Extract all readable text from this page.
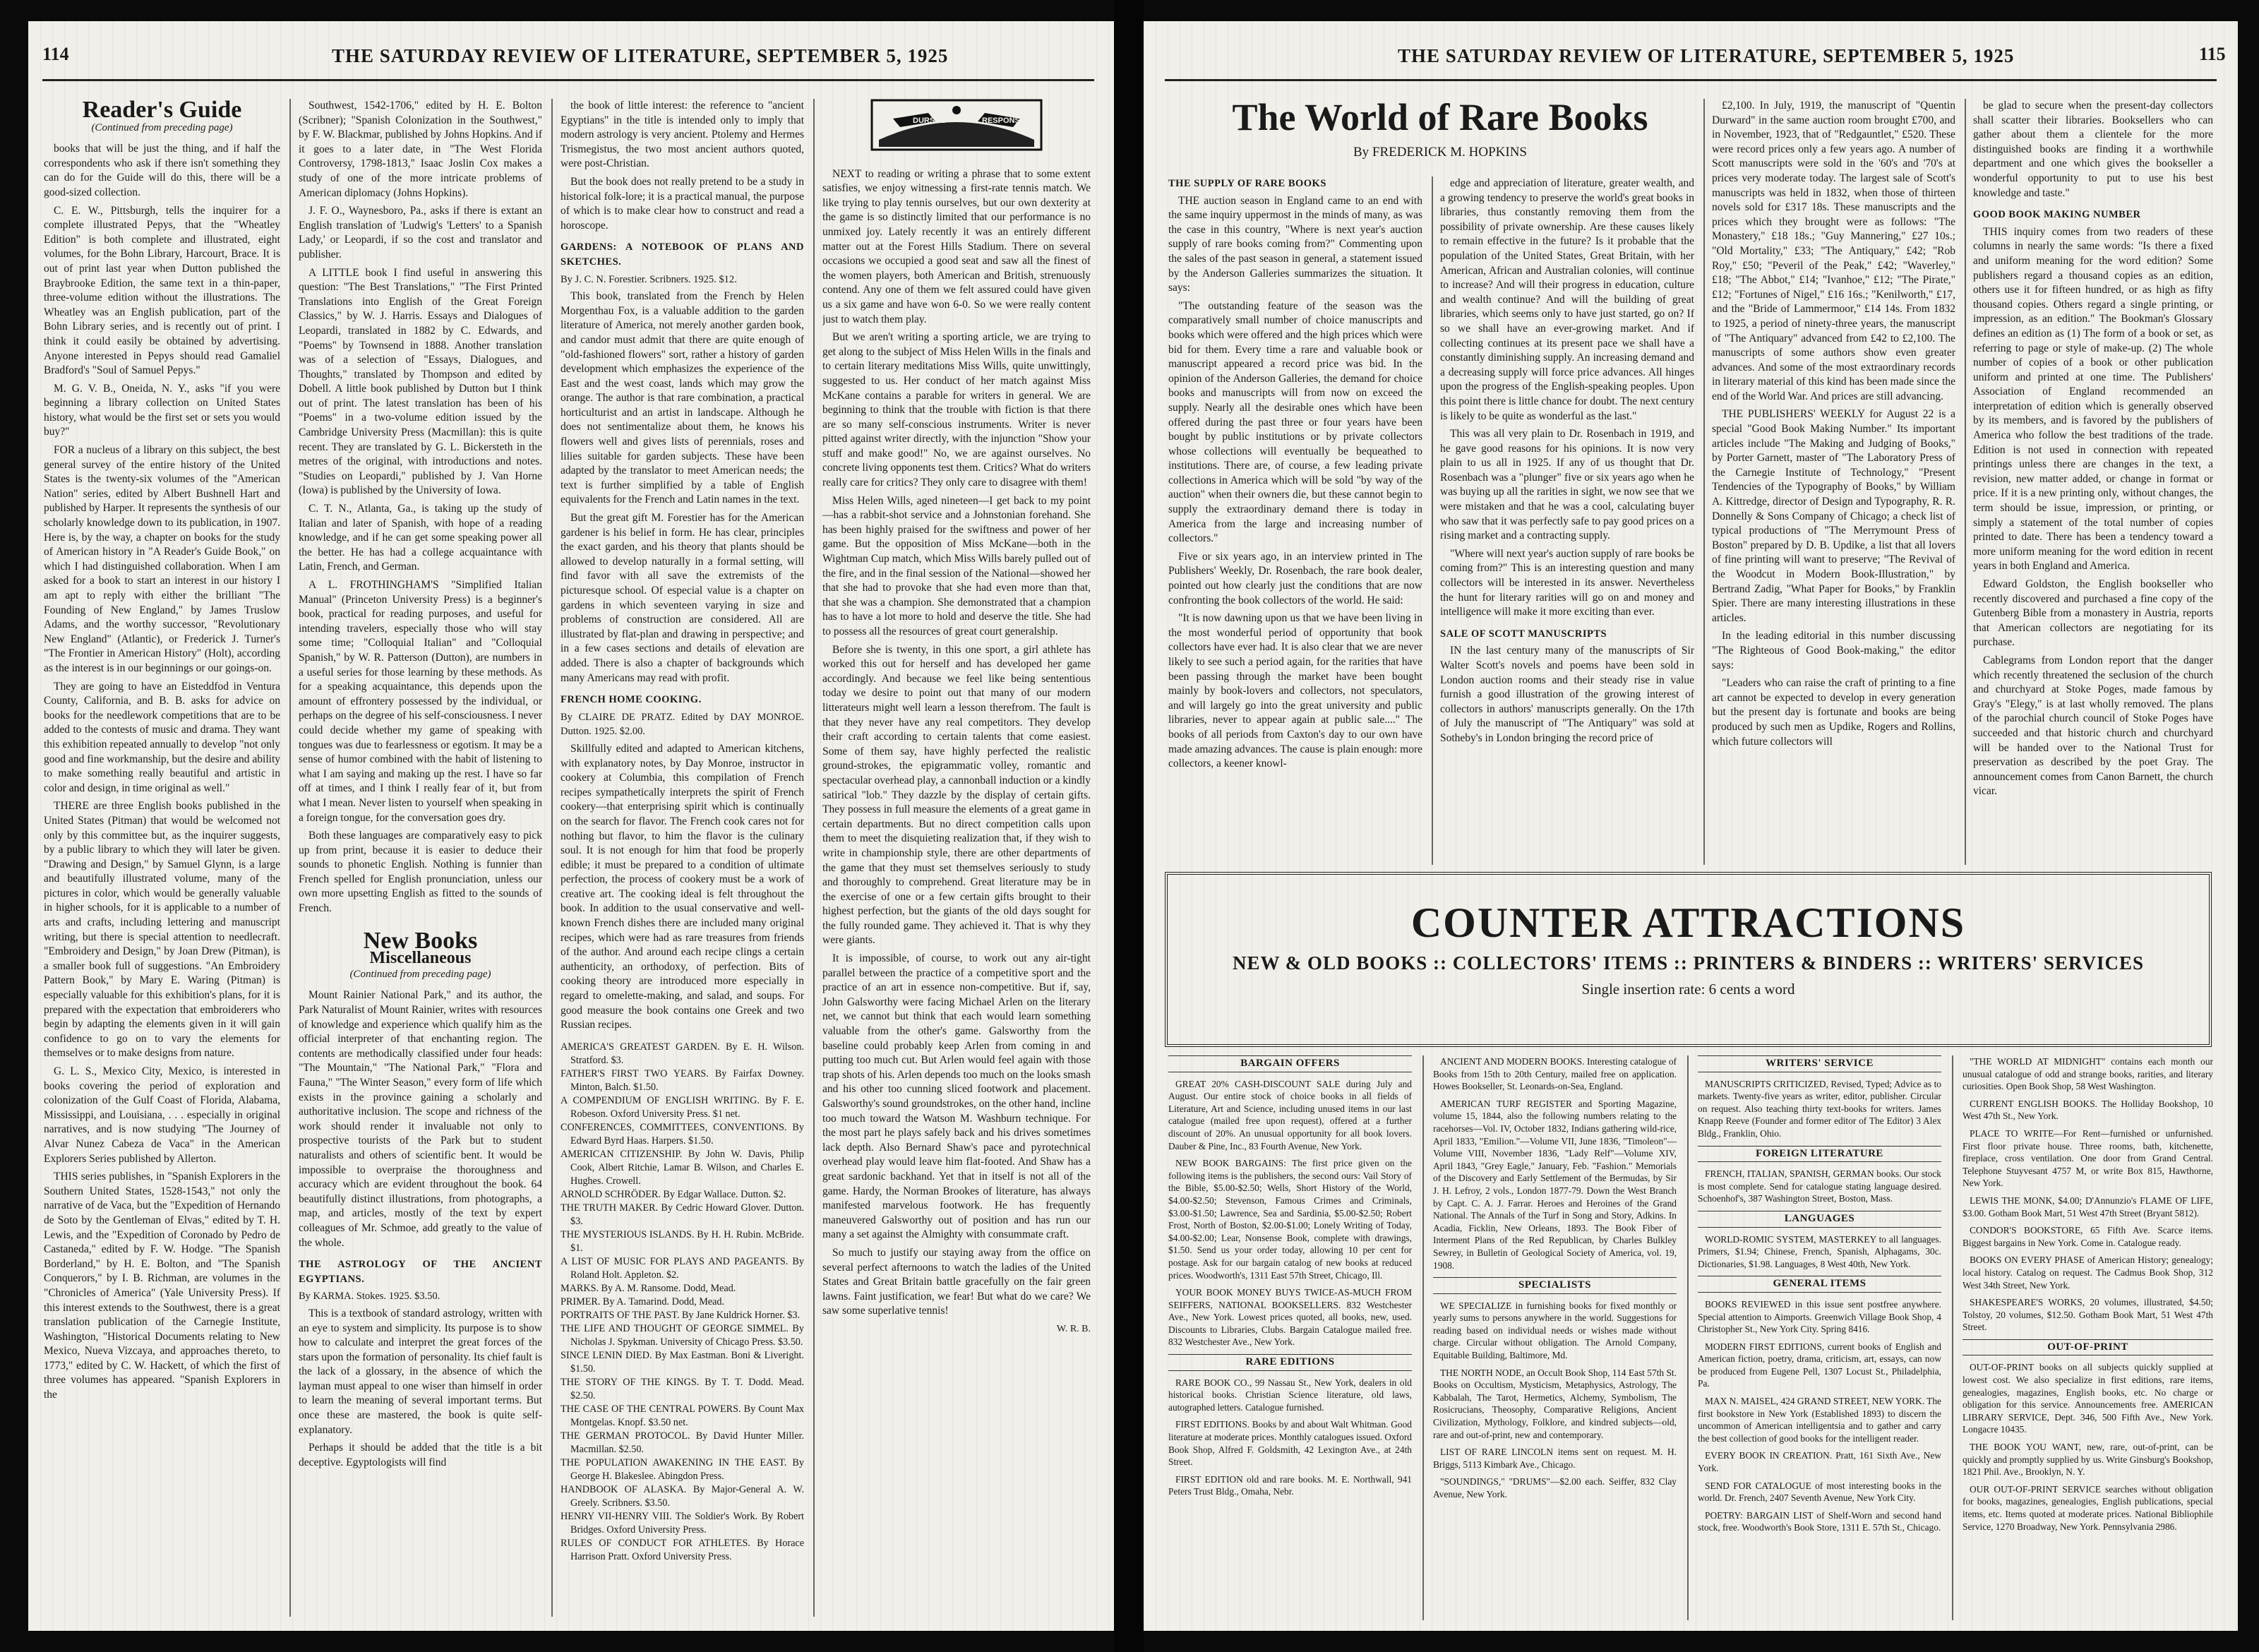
114	THE SATURDAY REVIEW OF LITERATURE, SEPTEMBER 5, 1925
Reader's Guide
(Continued from preceding page)

books that will be just the thing, and if half the correspondents who ask if there isn't something they can do for the Guide will do this, there will be a good-sized collection.

C. E. W., Pittsburgh, tells the inquirer for a complete illustrated Pepys, that the "Wheatley Edition" is both complete and illustrated, eight volumes, for the Bohn Library, Harcourt, Brace. It is out of print last year when Dutton published the Braybrooke Edition, the same text in a thin-paper, three-volume edition without the illustrations. The Wheatley was an English publication, part of the Bohn Library series, and is recently out of print. I think it could easily be obtained by advertising. Anyone interested in Pepys should read Gamaliel Bradford's "Soul of Samuel Pepys."

M. G. V. B., Oneida, N. Y., asks "if you were beginning a library collection on United States history, what would be the first set or sets you would buy?"

FOR a nucleus of a library on this subject, the best general survey of the entire history of the United States is the twenty-six volumes of the "American Nation" series, edited by Albert Bushnell Hart and published by Harper. It represents the synthesis of our scholarly knowledge down to its publication, in 1907. Here is, by the way, a chapter on books for the study of American history in "A Reader's Guide Book," on which I had distinguished collaboration. When I am asked for a book to start an interest in our history I am apt to reply with either the brilliant "The Founding of New England," by James Truslow Adams, and the worthy successor, "Revolutionary New England" (Atlantic), or Frederick J. Turner's "The Frontier in American History" (Holt), according as the interest is in our beginnings or our goings-on.

They are going to have an Eisteddfod in Ventura County, California, and B. B. asks for advice on books for the needlework competitions that are to be added to the contests of music and drama. They want this exhibition repeated annually to develop "not only good and fine workmanship, but the desire and ability to make something really beautiful and artistic in color and design, in time original as well."

THERE are three English books published in the United States (Pitman) that would be welcomed not only by this committee but, as the inquirer suggests, by a public library to which they will later be given. "Drawing and Design," by Samuel Glynn, is a large and beautifully illustrated volume, many of the pictures in color, which would be generally valuable in higher schools, for it is applicable to a number of arts and crafts, including lettering and manuscript writing, but there is special attention to needlecraft. "Embroidery and Design," by Joan Drew (Pitman), is a smaller book full of suggestions. "An Embroidery Pattern Book," by Mary E. Waring (Pitman) is especially valuable for this exhibition's plans, for it is prepared with the expectation that embroiderers who begin by adapting the elements given in it will gain confidence to go on to vary the elements for themselves or to make designs from nature.

G. L. S., Mexico City, Mexico, is interested in books covering the period of exploration and colonization of the Gulf Coast of Florida, Alabama, Mississippi, and Louisiana, . . . especially in original narratives, and is now studying "The Journey of Alvar Nunez Cabeza de Vaca" in the American Explorers Series published by Allerton.

THIS series publishes, in "Spanish Explorers in the Southern United States, 1528-1543," not only the narrative of de Vaca, but the "Expedition of Hernando de Soto by the Gentleman of Elvas," edited by T. H. Lewis, and the "Expedition of Coronado by Pedro de Castaneda," edited by F. W. Hodge. "The Spanish Borderland," by H. E. Bolton, and "The Spanish Conquerors," by I. B. Richman, are volumes in the "Chronicles of America" (Yale University Press). If this interest extends to the Southwest, there is a great translation publication of the Carnegie Institute, Washington, "Historical Documents relating to New Mexico, Nueva Vizcaya, and approaches thereto, to 1773," edited by C. W. Hackett, of which the first of three volumes has appeared. "Spanish Explorers in the

Southwest, 1542-1706," edited by H. E. Bolton (Scribner); "Spanish Colonization in the Southwest," by F. W. Blackmar, published by Johns Hopkins. And if it goes to a later date, in "The West Florida Controversy, 1798-1813," Isaac Joslin Cox makes a study of one of the more intricate problems of American diplomacy (Johns Hopkins).

J. F. O., Waynesboro, Pa., asks if there is extant an English translation of 'Ludwig's 'Letters' to a Spanish Lady,' or Leopardi, if so the cost and translator and publisher.

A LITTLE book I find useful in answering this question: "The Best Translations," "The First Printed Translations into English of the Great Foreign Classics," by W. J. Harris. Essays and Dialogues of Leopardi, translated in 1882 by C. Edwards, and "Poems" by Townsend in 1888. Another translation was of a selection of "Essays, Dialogues, and Thoughts," translated by Thompson and edited by Dobell. A little book published by Dutton but I think out of print. The latest translation has been of his "Poems" in a two-volume edition issued by the Cambridge University Press (Macmillan): this is quite recent. They are translated by G. L. Bickersteth in the metres of the original, with introductions and notes. "Studies on Leopardi," published by J. Van Horne (Iowa) is published by the University of Iowa.

C. T. N., Atlanta, Ga., is taking up the study of Italian and later of Spanish, with hope of a reading knowledge, and if he can get some speaking power all the better. He has had a college acquaintance with Latin, French, and German.

A L. FROTHINGHAM'S "Simplified Italian Manual" (Princeton University Press) is a beginner's book, practical for reading purposes, and useful for intending travelers, especially those who will stay some time; "Colloquial Italian" and "Colloquial Spanish," by W. R. Patterson (Dutton), are numbers in a useful series for those learning by these methods. As for a speaking acquaintance, this depends upon the amount of effrontery possessed by the individual, or perhaps on the degree of his self-consciousness. I never could decide whether my game of speaking with tongues was due to fearlessness or egotism. It may be a sense of humor combined with the habit of listening to what I am saying and making up the rest. I have so far off at times, and I think I really fear of it, but from what I mean. Never listen to yourself when speaking in a foreign tongue, for the conversation goes dry.

Both these languages are comparatively easy to pick up from print, because it is easier to deduce their sounds to phonetic English. Nothing is funnier than French spelled for English pronunciation, unless our own more upsetting English as fitted to the sounds of French.

New Books
Miscellaneous
(Continued from preceding page)

Mount Rainier National Park," and its author, the Park Naturalist of Mount Rainier, writes with resources of knowledge and experience which qualify him as the official interpreter of that enchanting region. The contents are methodically classified under four heads: "The Mountain," "The National Park," "Flora and Fauna," "The Winter Season," every form of life which exists in the province gaining a scholarly and authoritative inclusion. The scope and richness of the work should render it invaluable not only to prospective tourists of the Park but to student naturalists and others of scientific bent. It would be impossible to overpraise the thoroughness and accuracy which are evident throughout the book. 64 beautifully distinct illustrations, from photographs, a map, and articles, mostly of the text by expert colleagues of Mr. Schmoe, add greatly to the value of the whole.

THE ASTROLOGY OF THE ANCIENT EGYPTIANS.
By KARMA. Stokes. 1925. $3.50.

This is a textbook of standard astrology, written with an eye to system and simplicity. Its purpose is to show how to calculate and interpret the great forces of the stars upon the formation of personality. Its chief fault is the lack of a glossary, in the absence of which the layman must appeal to one wiser than himself in order to learn the meaning of several important terms. But once these are mastered, the book is quite self-explanatory.

Perhaps it should be added that the title is a bit deceptive. Egyptologists will find

the book of little interest: the reference to "ancient Egyptians" in the title is intended only to imply that modern astrology is very ancient. Ptolemy and Hermes Trismegistus, the two most ancient authors quoted, were post-Christian.

But the book does not really pretend to be a study in historical folk-lore; it is a practical manual, the purpose of which is to make clear how to construct and read a horoscope.

GARDENS: A NOTEBOOK OF PLANS AND SKETCHES.
By J. C. N. Forestier. Scribners. 1925. $12.

This book, translated from the French by Helen Morgenthau Fox, is a valuable addition to the garden literature of America, not merely another garden book, and candor must admit that there are quite enough of "old-fashioned flowers" sort, rather a history of garden development which emphasizes the experience of the East and the west coast, lands which may grow the orange. The author is that rare combination, a practical horticulturist and an artist in landscape. Although he does not sentimentalize about them, he knows his flowers well and gives lists of perennials, roses and lilies suitable for garden subjects. These have been adapted by the translator to meet American needs; the text is further simplified by a table of English equivalents for the French and Latin names in the text.

But the great gift M. Forestier has for the American gardener is his belief in form. He has clear, principles the exact garden, and his theory that plants should be allowed to develop naturally in a formal setting, will find favor with all save the extremists of the picturesque school. Of especial value is a chapter on gardens in which seventeen varying in size and problems of construction are considered. All are illustrated by flat-plan and drawing in perspective; and in a few cases sections and details of elevation are added. There is also a chapter of backgrounds which many Americans may read with profit.

FRENCH HOME COOKING.
By CLAIRE DE PRATZ. Edited by DAY MONROE. Dutton. 1925. $2.00.

Skillfully edited and adapted to American kitchens, with explanatory notes, by Day Monroe, instructor in cookery at Columbia, this compilation of French recipes sympathetically interprets the spirit of French cookery—that enterprising spirit which is continually on the search for flavor. The French cook cares not for nothing but flavor, to him the flavor is the culinary soul. It is not enough for him that food be properly edible; it must be prepared to a condition of ultimate perfection, the process of cookery must be a work of creative art. The cooking ideal is felt throughout the book. In addition to the usual conservative and well-known French dishes there are included many original recipes, which were had as rare treasures from friends of the author. And around each recipe clings a certain authenticity, an orthodoxy, of perfection. Bits of cooking theory are introduced more especially in regard to omelette-making, and salad, and soups. For good measure the book contains one Greek and two Russian recipes.

AMERICA'S GREATEST GARDEN. By E. H. Wilson. Stratford. $3.

FATHER'S FIRST TWO YEARS. By Fairfax Downey. Minton, Balch. $1.50.

A COMPENDIUM OF ENGLISH WRITING. By F. E. Robeson. Oxford University Press. $1 net.

CONFERENCES, COMMITTEES, CONVENTIONS. By Edward Byrd Haas. Harpers. $1.50.

AMERICAN CITIZENSHIP. By John W. Davis, Philip Cook, Albert Ritchie, Lamar B. Wilson, and Charles E. Hughes. Crowell.

ARNOLD SCHRÖDER. By Edgar Wallace. Dutton. $2.

THE TRUTH MAKER. By Cedric Howard Glover. Dutton. $3.

THE MYSTERIOUS ISLANDS. By H. H. Rubin. McBride. $1.

A LIST OF MUSIC FOR PLAYS AND PAGEANTS. By Roland Holt. Appleton. $2.

MARKS. By A. M. Ransome. Dodd, Mead.

PRIMER. By A. Tamarind. Dodd, Mead.

PORTRAITS OF THE PAST. By Jane Kuldrick Horner. $3.

THE LIFE AND THOUGHT OF GEORGE SIMMEL. By Nicholas J. Spykman. University of Chicago Press. $3.50.

SINCE LENIN DIED. By Max Eastman. Boni & Liveright. $1.50.

THE STORY OF THE KINGS. By T. T. Dodd. Mead. $2.50.

THE CASE OF THE CENTRAL POWERS. By Count Max Montgelas. Knopf. $3.50 net.

THE GERMAN PROTOCOL. By David Hunter Miller. Macmillan. $2.50.

THE POPULATION AWAKENING IN THE EAST. By George H. Blakeslee. Abingdon Press.

HANDBOOK OF ALASKA. By Major-General A. W. Greely. Scribners. $3.50.

HENRY VII-HENRY VIII. The Soldier's Work. By Robert Bridges. Oxford University Press.

RULES OF CONDUCT FOR ATHLETES. By Horace Harrison Pratt. Oxford University Press.

DURSYE	RESPONSE

NEXT to reading or writing a phrase that to some extent satisfies, we enjoy witnessing a first-rate tennis match. We like trying to play tennis ourselves, but our own dexterity at the game is so distinctly limited that our performance is no unmixed joy. Lately recently it was an entirely different matter out at the Forest Hills Stadium. There on several occasions we occupied a good seat and saw all the finest of the women players, both American and British, strenuously contend. Any one of them we felt assured could have given us a six game and have won 6-0. So we were really content just to watch them play.

But we aren't writing a sporting article, we are trying to get along to the subject of Miss Helen Wills in the finals and to certain literary meditations Miss Wills, quite unwittingly, suggested to us. Her conduct of her match against Miss McKane contains a parable for writers in general. We are beginning to think that the trouble with fiction is that there are so many self-conscious instruments. Writer is never pitted against writer directly, with the injunction "Show your stuff and make good!" No, we are against ourselves. No concrete living opponents test them. Critics? What do writers really care for critics? They only care to disagree with them!

Miss Helen Wills, aged nineteen—I get back to my point—has a rabbit-shot service and a Johnstonian forehand. She has been highly praised for the swiftness and power of her game. But the opposition of Miss McKane—both in the Wightman Cup match, which Miss Wills barely pulled out of the fire, and in the final session of the National—showed her that she had to provoke that she had even more than that, that she was a champion. She demonstrated that a champion has to have a lot more to hold and deserve the title. She had to possess all the resources of great court generalship.

Before she is twenty, in this one sport, a girl athlete has worked this out for herself and has developed her game accordingly. And because we feel like being sententious today we desire to point out that many of our modern litterateurs might well learn a lesson therefrom. The fault is that they never have any real competitors. They develop their craft according to certain talents that come easiest. Some of them say, have highly perfected the realistic ground-strokes, the epigrammatic volley, romantic and spectacular overhead play, a cannonball induction or a kindly satirical "lob." They dazzle by the display of certain gifts. They possess in full measure the elements of a great game in certain departments. But no direct competition calls upon them to meet the disquieting realization that, if they wish to write in championship style, there are other departments of the game that they must set themselves seriously to study and thoroughly to comprehend. Great literature may be in the exercise of one or a few certain gifts brought to their highest perfection, but the giants of the old days sought for the fully rounded game. They achieved it. That is why they were giants.

It is impossible, of course, to work out any air-tight parallel between the practice of a competitive sport and the practice of an art in essence non-competitive. But if, say, John Galsworthy were facing Michael Arlen on the literary net, we cannot but think that each would learn something valuable from the other's game. Galsworthy from the baseline could probably keep Arlen from coming in and putting too much cut. But Arlen would feel again with those trap shots of his. Arlen depends too much on the looks smash and his other too cunning sliced footwork and placement. Galsworthy's sound groundstrokes, on the other hand, incline too much toward the Watson M. Washburn technique. For the most part he plays safely back and his drives sometimes lack depth. Also Bernard Shaw's pace and pyrotechnical overhead play would leave him flat-footed. And Shaw has a great sardonic backhand. Yet that in itself is not all of the game. Hardy, the Norman Brookes of literature, has always manifested marvelous footwork. He has frequently maneuvered Galsworthy out of position and has run our many a set against the Almighty with consummate craft.

So much to justify our staying away from the office on several perfect afternoons to watch the ladies of the United States and Great Britain battle gracefully on the fair green lawns. Faint justification, we fear! But what do we care? We saw some superlative tennis!

W. R. B.
THE SATURDAY REVIEW OF LITERATURE, SEPTEMBER 5, 1925	115
The World of Rare Books
By FREDERICK M. HOPKINS
THE SUPPLY OF RARE BOOKS

THE auction season in England came to an end with the same inquiry uppermost in the minds of many, as was the case in this country, "Where is next year's auction supply of rare books coming from?" Commenting upon the sales of the past season in general, a statement issued by the Anderson Galleries summarizes the situation. It says:

"The outstanding feature of the season was the comparatively small number of choice manuscripts and books which were offered and the high prices which were bid for them. Every time a rare and valuable book or manuscript appeared a record price was bid. In the opinion of the Anderson Galleries, the demand for choice books and manuscripts will from now on exceed the supply. Nearly all the desirable ones which have been offered during the past three or four years have been bought by public institutions or by private collectors whose collections will eventually be bequeathed to institutions. There are, of course, a few leading private collections in America which will be sold "by way of the auction" when their owners die, but these cannot begin to supply the extraordinary demand there is today in America from the large and increasing number of collectors."

Five or six years ago, in an interview printed in The Publishers' Weekly, Dr. Rosenbach, the rare book dealer, pointed out how clearly just the conditions that are now confronting the book collectors of the world. He said:

"It is now dawning upon us that we have been living in the most wonderful period of opportunity that book collectors have ever had. It is also clear that we are never likely to see such a period again, for the rarities that have been passing through the market have been bought mainly by book-lovers and collectors, not speculators, and will largely go into the great university and public libraries, never to appear again at public sale...." The books of all periods from Caxton's day to our own have made amazing advances. The cause is plain enough: more collectors, a keener knowl-

edge and appreciation of literature, greater wealth, and a growing tendency to preserve the world's great books in libraries, thus constantly removing them from the possibility of private ownership. Are these causes likely to remain effective in the future? Is it probable that the population of the United States, Great Britain, with her American, African and Australian colonies, will continue to increase? And will their progress in education, culture and wealth continue? And will the building of great libraries, which seems only to have just started, go on? If so we shall have an ever-growing market. And if collecting continues at its present pace we shall have a constantly diminishing supply. An increasing demand and a decreasing supply will force price advances. All hinges upon the progress of the English-speaking peoples. Upon this point there is little chance for doubt. The next century is likely to be quite as wonderful as the last."

This was all very plain to Dr. Rosenbach in 1919, and he gave good reasons for his opinions. It is now very plain to us all in 1925. If any of us thought that Dr. Rosenbach was a "plunger" five or six years ago when he was buying up all the rarities in sight, we now see that we were mistaken and that he was a cool, calculating buyer who saw that it was perfectly safe to pay good prices on a rising market and a contracting supply.

"Where will next year's auction supply of rare books be coming from?" This is an interesting question and many collectors will be interested in its answer. Nevertheless the hunt for literary rarities will go on and money and intelligence will make it more exciting than ever.

SALE OF SCOTT MANUSCRIPTS

IN the last century many of the manuscripts of Sir Walter Scott's novels and poems have been sold in London auction rooms and their steady rise in value furnish a good illustration of the growing interest of collectors in authors' manuscripts generally. On the 17th of July the manuscript of "The Antiquary" was sold at Sotheby's in London bringing the record price of

£2,100. In July, 1919, the manuscript of "Quentin Durward" in the same auction room brought £700, and in November, 1923, that of "Redgauntlet," £520. These were record prices only a few years ago. A number of Scott manuscripts were sold in the '60's and '70's at prices very moderate today. The largest sale of Scott's manuscripts was held in 1832, when those of thirteen novels sold for £317 18s. These manuscripts and the prices which they brought were as follows: "The Monastery," £18 18s.; "Guy Mannering," £27 10s.; "Old Mortality," £33; "The Antiquary," £42; "Rob Roy," £50; "Peveril of the Peak," £42; "Waverley," £18; "The Abbot," £14; "Ivanhoe," £12; "The Pirate," £12; "Fortunes of Nigel," £16 16s.; "Kenilworth," £17, and the "Bride of Lammermoor," £14 14s. From 1832 to 1925, a period of ninety-three years, the manuscript of "The Antiquary" advanced from £42 to £2,100. The manuscripts of some authors show even greater advances. And some of the most extraordinary records in literary material of this kind has been made since the end of the World War. And prices are still advancing.

THE PUBLISHERS' WEEKLY for August 22 is a special "Good Book Making Number." Its important articles include "The Making and Judging of Books," by Porter Garnett, master of "The Laboratory Press of the Carnegie Institute of Technology," "Present Tendencies of the Typography of Books," by William A. Kittredge, director of Design and Typography, R. R. Donnelly & Sons Company of Chicago; a check list of typical productions of "The Merrymount Press of Boston" prepared by D. B. Updike, a list that all lovers of fine printing will want to preserve; "The Revival of the Woodcut in Modern Book-Illustration," by Bertrand Zadig, "What Paper for Books," by Franklin Spier. There are many interesting illustrations in these articles.

In the leading editorial in this number discussing "The Righteous of Good Book-making," the editor says:

"Leaders who can raise the craft of printing to a fine art cannot be expected to develop in every generation but the present day is fortunate and books are being produced by such men as Updike, Rogers and Rollins, which future collectors will

be glad to secure when the present-day collectors shall scatter their libraries. Booksellers who can gather about them a clientele for the more distinguished books are finding it a worthwhile department and one which gives the bookseller a wonderful opportunity to put to use his best knowledge and taste."

GOOD BOOK MAKING NUMBER

THIS inquiry comes from two readers of these columns in nearly the same words: "Is there a fixed and uniform meaning for the word edition? Some publishers regard a thousand copies as an edition, others use it for fifteen hundred, or as high as fifty thousand copies. Others regard a single printing, or impression, as an edition." The Bookman's Glossary defines an edition as (1) The form of a book or set, as referring to page or style of make-up. (2) The whole number of copies of a book or other publication uniform and printed at one time. The Publishers' Association of England recommended an interpretation of edition which is generally observed by its members, and is favored by the publishers of America who follow the best traditions of the trade. Edition is not used in connection with repeated printings unless there are changes in the text, a revision, new matter added, or change in format or price. If it is a new printing only, without changes, the term should be issue, impression, or printing, or simply a statement of the total number of copies printed to date. There has been a tendency toward a more uniform meaning for the word edition in recent years in both England and America.

Edward Goldston, the English bookseller who recently discovered and purchased a fine copy of the Gutenberg Bible from a monastery in Austria, reports that American collectors are negotiating for its purchase.

Cablegrams from London report that the danger which recently threatened the seclusion of the church and churchyard at Stoke Poges, made famous by Gray's "Elegy," is at last wholly removed. The plans of the parochial church council of Stoke Poges have succeeded and that historic church and churchyard will be handed over to the National Trust for preservation as described by the poet Gray. The announcement comes from Canon Barnett, the church vicar.

COUNTER ATTRACTIONS
NEW & OLD BOOKS :: COLLECTORS' ITEMS :: PRINTERS & BINDERS :: WRITERS' SERVICES
Single insertion rate: 6 cents a word
BARGAIN OFFERS

GREAT 20% CASH-DISCOUNT SALE during July and August. Our entire stock of choice books in all fields of Literature, Art and Science, including unused items in our last catalogue (mailed free upon request), offered at a further discount of 20%. An unusual opportunity for all book lovers. Dauber & Pine, Inc., 83 Fourth Avenue, New York.

NEW BOOK BARGAINS: The first price given on the following items is the publishers, the second ours: Vail Story of the Bible, $5.00-$2.50; Wells, Short History of the World, $4.00-$2.50; Stevenson, Famous Crimes and Criminals, $3.00-$1.50; Lawrence, Sea and Sardinia, $5.00-$2.50; Robert Frost, North of Boston, $2.00-$1.00; Lonely Writing of Today, $4.00-$2.00; Lear, Nonsense Book, complete with drawings, $1.50. Send us your order today, allowing 10 per cent for postage. Ask for our bargain catalog of new books at reduced prices. Woodworth's, 1311 East 57th Street, Chicago, Ill.

YOUR BOOK MONEY BUYS TWICE-AS-MUCH FROM SEIFFERS, NATIONAL BOOKSELLERS. 832 Westchester Ave., New York. Lowest prices quoted, all books, new, used. Discounts to Libraries, Clubs. Bargain Catalogue mailed free. 832 Westchester Ave., New York.

RARE EDITIONS

RARE BOOK CO., 99 Nassau St., New York, dealers in old historical books. Christian Science literature, old laws, autographed letters. Catalogue furnished.

FIRST EDITIONS. Books by and about Walt Whitman. Good literature at moderate prices. Monthly catalogues issued. Oxford Book Shop, Alfred F. Goldsmith, 42 Lexington Ave., at 24th Street.

FIRST EDITION old and rare books. M. E. Northwall, 941 Peters Trust Bldg., Omaha, Nebr.

ANCIENT AND MODERN BOOKS. Interesting catalogue of Books from 15th to 20th Century, mailed free on application. Howes Bookseller, St. Leonards-on-Sea, England.

AMERICAN TURF REGISTER and Sporting Magazine, volume 15, 1844, also the following numbers relating to the racehorses—Vol. IV, October 1832, Indians gathering wild-rice, April 1833, "Emilion."—Volume VII, June 1836, "Timoleon"—Volume VIII, November 1836, "Lady Relf"—Volume XIV, April 1843, "Grey Eagle," January, Feb. "Fashion." Memorials of the Discovery and Early Settlement of the Bermudas, by Sir J. H. Lefroy, 2 vols., London 1877-79. Down the West Branch by Capt. C. A. J. Farrar. Heroes and Heroines of the Grand National. The Annals of the Turf in Song and Story, Adkins. In Acadia, Ficklin, New Orleans, 1893. The Book Fiber of Interment Plans of the Red Republican, by Charles Bulkley Sewrey, in Bulletin of Geological Society of America, vol. 19, 1908.

SPECIALISTS

WE SPECIALIZE in furnishing books for fixed monthly or yearly sums to persons anywhere in the world. Suggestions for reading based on individual needs or wishes made without charge. Circular without obligation. The Arnold Company, Equitable Building, Baltimore, Md.

THE NORTH NODE, an Occult Book Shop, 114 East 57th St. Books on Occultism, Mysticism, Metaphysics, Astrology, The Kabbalah, The Tarot, Hermetics, Alchemy, Symbolism, The Rosicrucians, Theosophy, Comparative Religions, Ancient Civilization, Mythology, Folklore, and kindred subjects—old, rare and out-of-print, new and contemporary.

LIST OF RARE LINCOLN items sent on request. M. H. Briggs, 5113 Kimbark Ave., Chicago.

"SOUNDINGS," "DRUMS"—$2.00 each. Seiffer, 832 Clay Avenue, New York.

WRITERS' SERVICE

MANUSCRIPTS CRITICIZED, Revised, Typed; Advice as to markets. Twenty-five years as writer, editor, publisher. Circular on request. Also teaching thirty text-books for writers. James Knapp Reeve (Founder and former editor of The Editor) 3 Alex Bldg., Franklin, Ohio.

FOREIGN LITERATURE

FRENCH, ITALIAN, SPANISH, GERMAN books. Our stock is most complete. Send for catalogue stating language desired. Schoenhof's, 387 Washington Street, Boston, Mass.

LANGUAGES

WORLD-ROMIC SYSTEM, MASTERKEY to all languages. Primers, $1.94; Chinese, French, Spanish, Alphagams, 30c. Dictionaries, $1.98. Languages, 8 West 40th, New York.

GENERAL ITEMS

BOOKS REVIEWED in this issue sent postfree anywhere. Special attention to Aimports. Greenwich Village Book Shop, 4 Christopher St., New York City. Spring 8416.

MODERN FIRST EDITIONS, current books of English and American fiction, poetry, drama, criticism, art, essays, can now be produced from Eugene Pell, 1307 Locust St., Philadelphia, Pa.

MAX N. MAISEL, 424 GRAND STREET, NEW YORK. The first bookstore in New York (Established 1893) to discern the uncommon of American intelligentsia and to gather and carry the best collection of good books for the intelligent reader.

EVERY BOOK IN CREATION. Pratt, 161 Sixth Ave., New York.

SEND FOR CATALOGUE of most interesting books in the world. Dr. French, 2407 Seventh Avenue, New York City.

POETRY: BARGAIN LIST of Shelf-Worn and second hand stock, free. Woodworth's Book Store, 1311 E. 57th St., Chicago.

"THE WORLD AT MIDNIGHT" contains each month our unusual catalogue of odd and strange books, rarities, and literary curiosities. Open Book Shop, 58 West Washington.

CURRENT ENGLISH BOOKS. The Holliday Bookshop, 10 West 47th St., New York.

PLACE TO WRITE—For Rent—furnished or unfurnished. First floor private house. Three rooms, bath, kitchenette, fireplace, cross ventilation. One door from Grand Central. Telephone Stuyvesant 4757 M, or write Box 815, Hawthorne, New York.

LEWIS THE MONK, $4.00; D'Annunzio's FLAME OF LIFE, $3.00. Gotham Book Mart, 51 West 47th Street (Bryant 5812).

CONDOR'S BOOKSTORE, 65 Fifth Ave. Scarce items. Biggest bargains in New York. Come in. Catalogue ready.

BOOKS ON EVERY PHASE of American History; genealogy; local history. Catalog on request. The Cadmus Book Shop, 312 West 34th Street, New York.

SHAKESPEARE'S WORKS, 20 volumes, illustrated, $4.50; Tolstoy, 20 volumes, $12.50. Gotham Book Mart, 51 West 47th Street.

OUT-OF-PRINT

OUT-OF-PRINT books on all subjects quickly supplied at lowest cost. We also specialize in first editions, rare items, genealogies, magazines, English books, etc. No charge or obligation for this service. Announcements free. AMERICAN LIBRARY SERVICE, Dept. 346, 500 Fifth Ave., New York. Longacre 10435.

THE BOOK YOU WANT, new, rare, out-of-print, can be quickly and promptly supplied by us. Write Ginsburg's Bookshop, 1821 Phil. Ave., Brooklyn, N. Y.

OUR OUT-OF-PRINT SERVICE searches without obligation for books, magazines, genealogies, English publications, special items, etc. Items quoted at moderate prices. National Bibliophile Service, 1270 Broadway, New York. Pennsylvania 2986.
